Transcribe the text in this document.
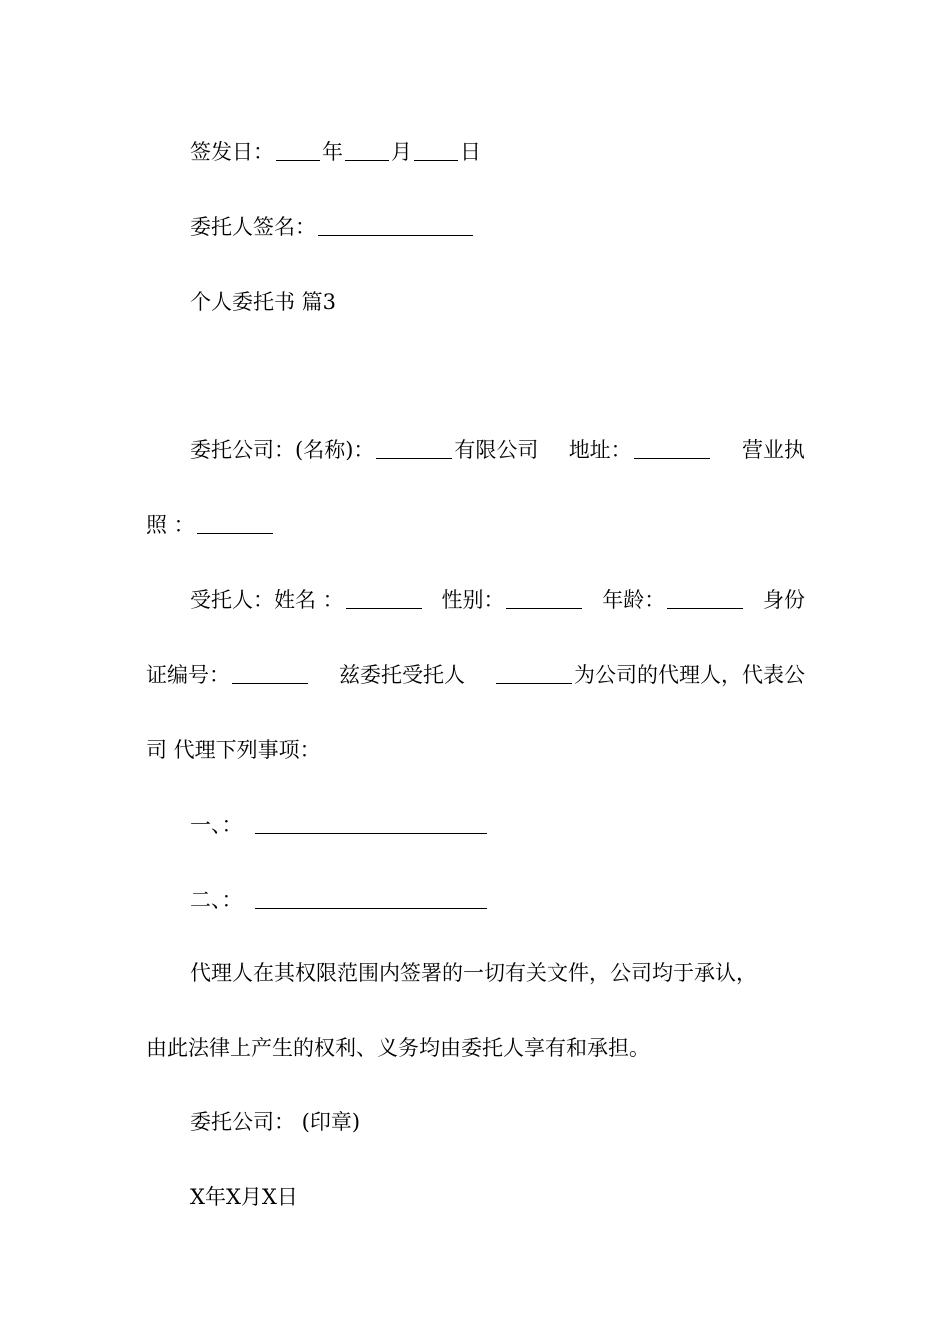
签发日： 年 月 日
委托人签名：
个人委托书 篇3
委托公司：(名称)：	有限公司 地址：	营业执
照 ：
受托人：姓名 ：	性别：	年龄：	身份
证编号：	兹委托受托人	为公司的代理人，代表公
司 代理下列事项：
一、：
二、：
代理人在其权限范围内签署的一切有关文件，公司均于承认，
由此法律上产生的权利、义务均由委托人享有和承担。
委托公司： (印章)
X年X月X日
